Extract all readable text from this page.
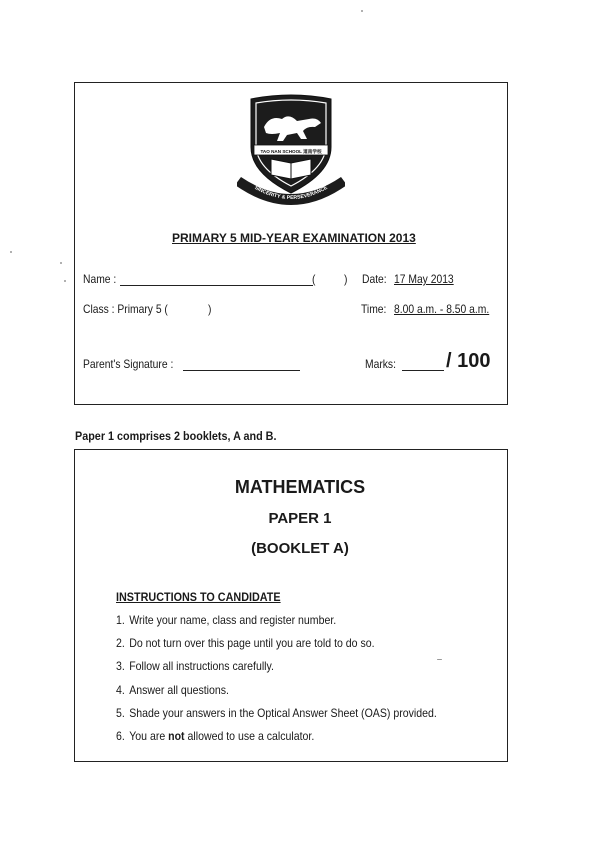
TAO NAN SCHOOL 道南学校
SINCERITY & PERSEVERANCE
PRIMARY 5 MID-YEAR EXAMINATION 2013
Name :	( ) Date: 17 May 2013
Class : Primary 5 (	)	Time: 8.00 a.m. - 8.50 a.m.
Parent's Signature :	Marks:	/ 100
Paper 1 comprises 2 booklets, A and B.
MATHEMATICS
PAPER 1
(BOOKLET A)
INSTRUCTIONS TO CANDIDATE
1. Write your name, class and register number.
2. Do not turn over this page until you are told to do so.
3. Follow all instructions carefully.
4. Answer all questions.
5. Shade your answers in the Optical Answer Sheet (OAS) provided.
6. You are not allowed to use a calculator.
